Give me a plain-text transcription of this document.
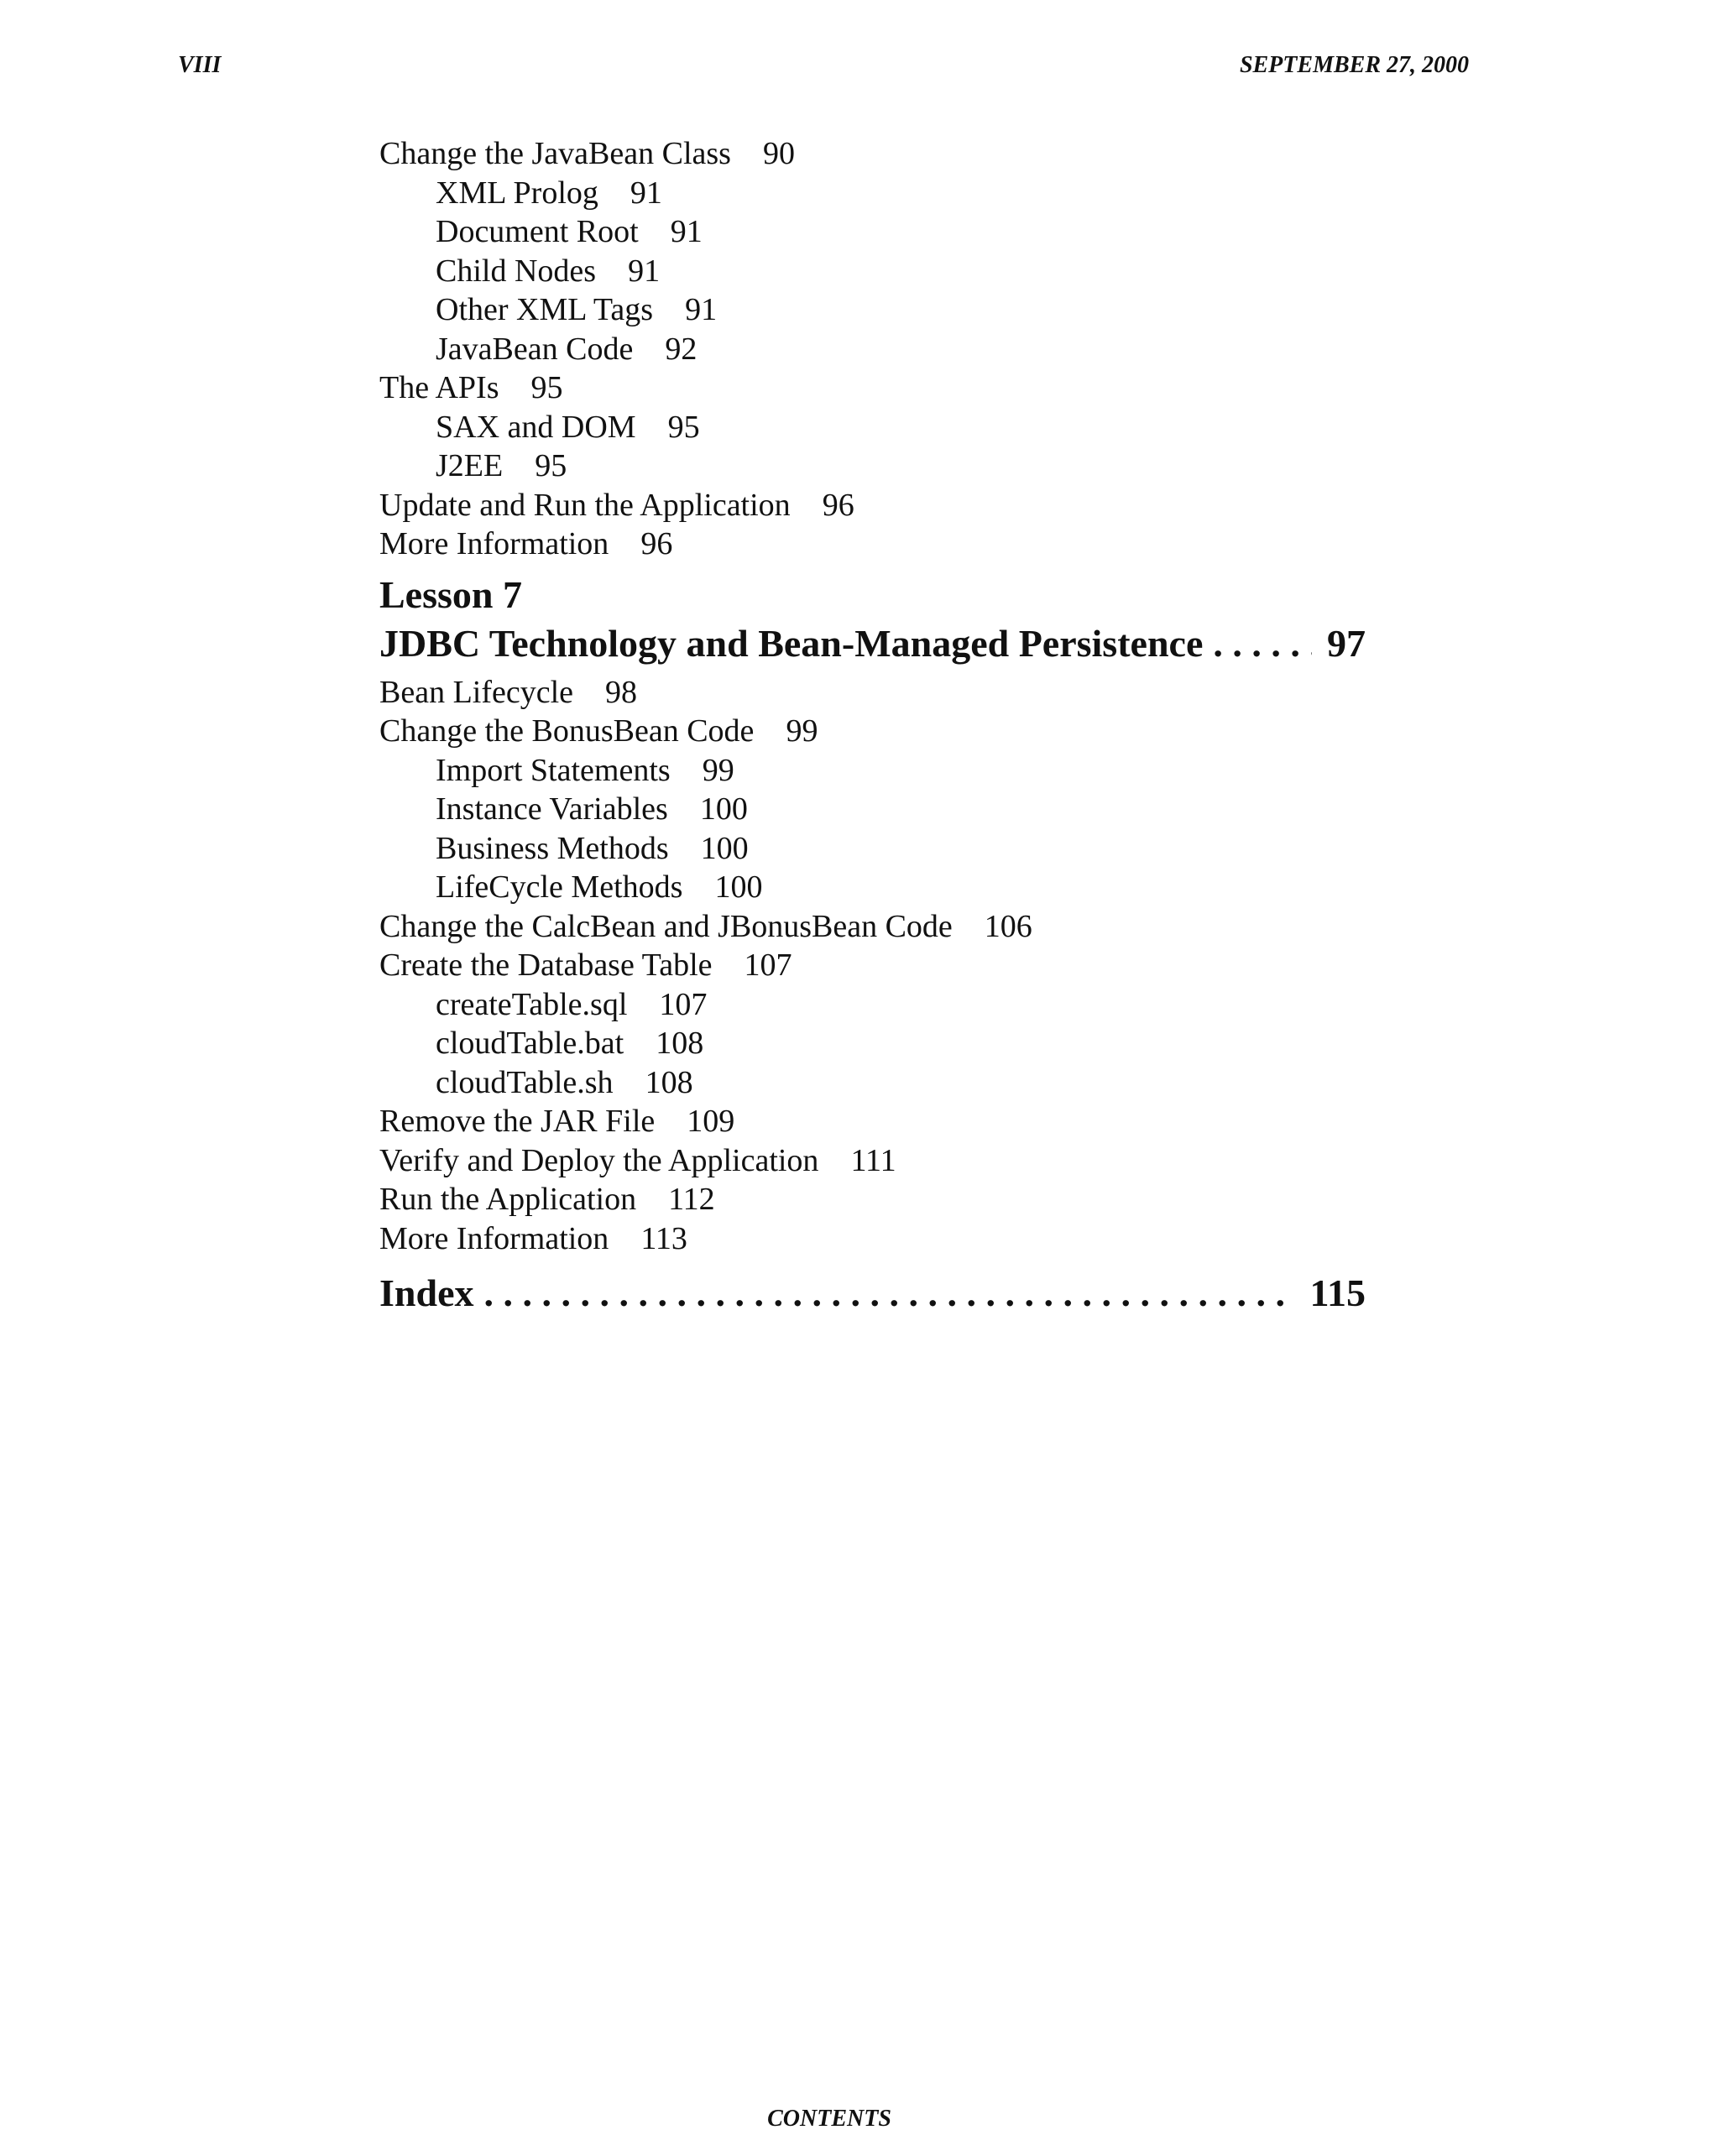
VIII	SEPTEMBER 27, 2000
Change the JavaBean Class 90
XML Prolog 91
Document Root 91
Child Nodes 91
Other XML Tags 91
JavaBean Code 92
The APIs 95
SAX and DOM 95
J2EE 95
Update and Run the Application 96
More Information 96
Lesson 7
JDBC Technology and Bean-Managed Persistence . . .	97
Bean Lifecycle 98
Change the BonusBean Code 99
Import Statements 99
Instance Variables 100
Business Methods 100
LifeCycle Methods 100
Change the CalcBean and JBonusBean Code 106
Create the Database Table 107
createTable.sql 107
cloudTable.bat 108
cloudTable.sh 108
Remove the JAR File 109
Verify and Deploy the Application 111
Run the Application 112
More Information 113
Index . . .	115
CONTENTS
